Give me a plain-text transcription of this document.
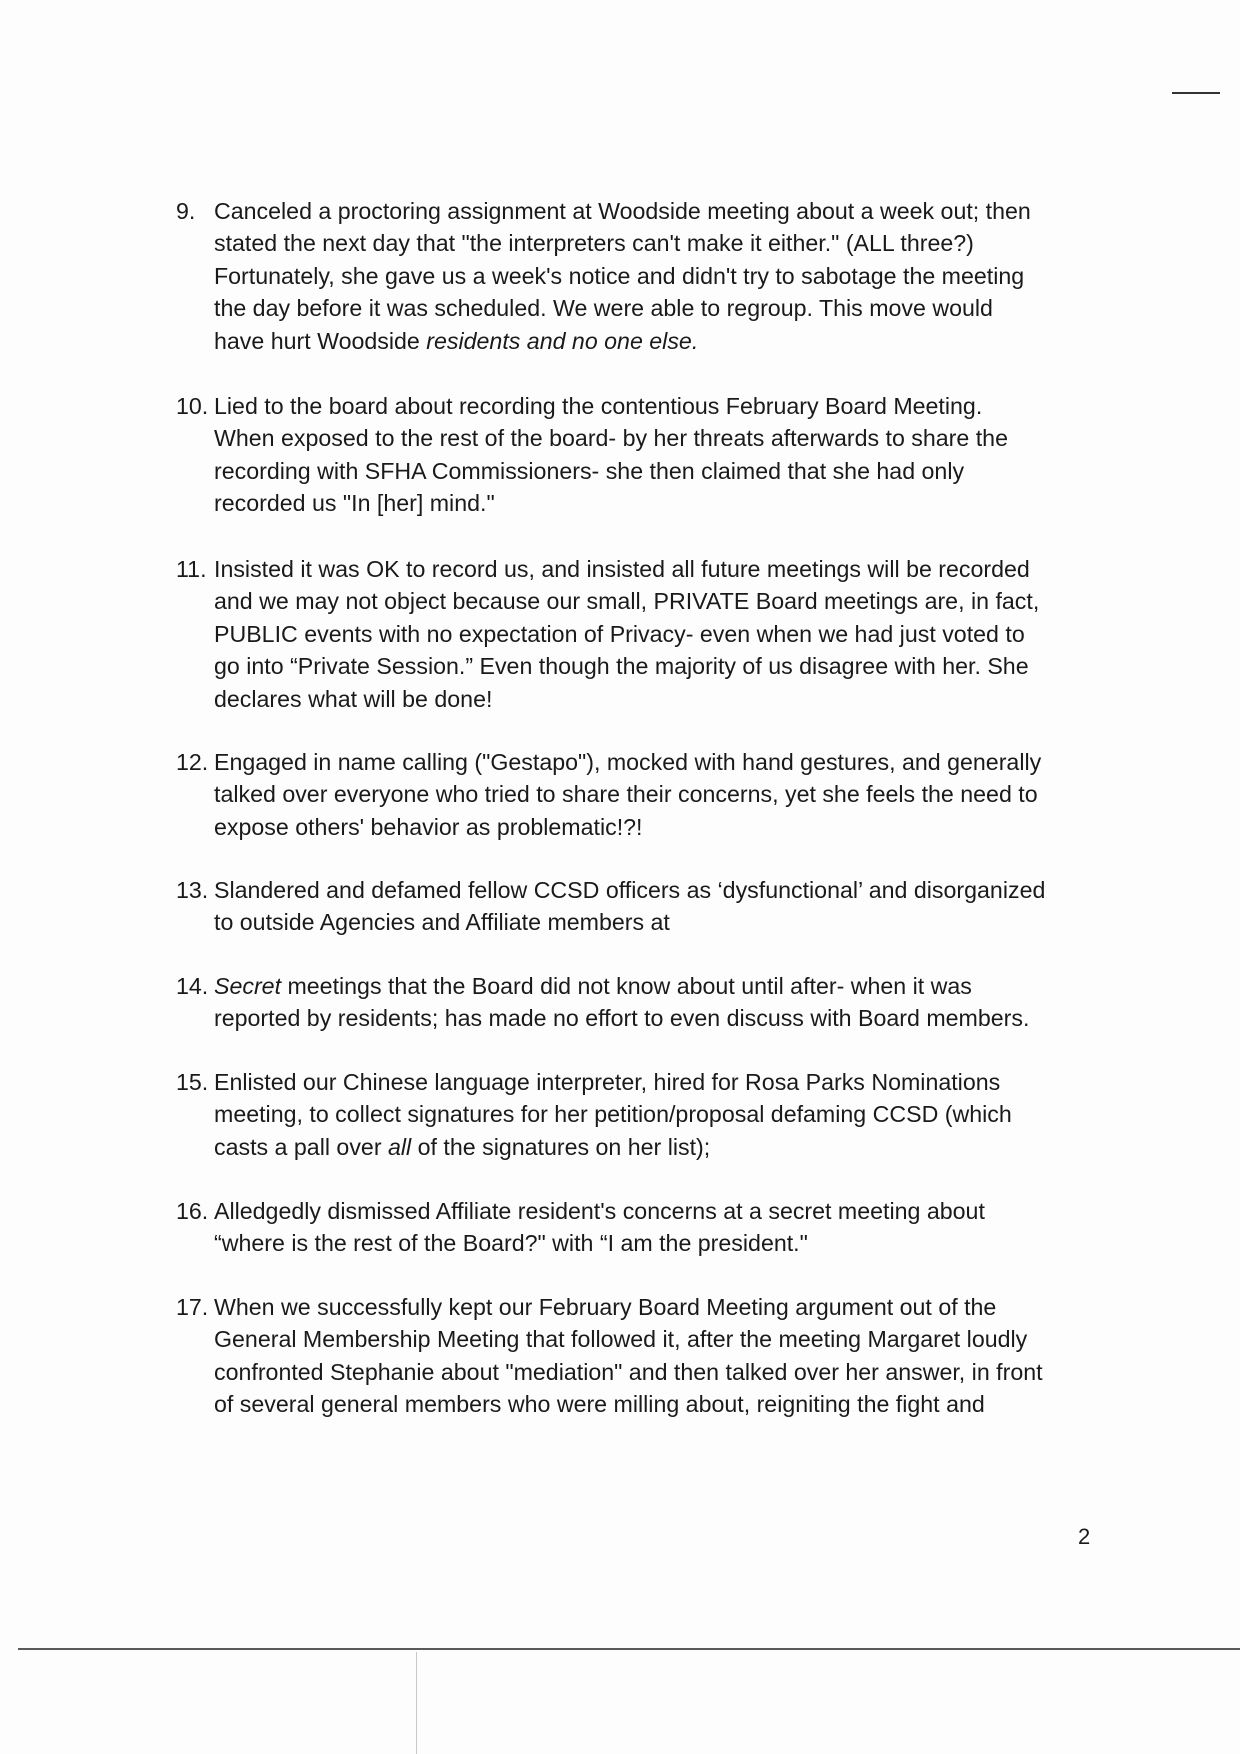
9. Canceled a proctoring assignment at Woodside meeting about a week out; then
stated the next day that "the interpreters can't make it either." (ALL three?)
Fortunately, she gave us a week's notice and didn't try to sabotage the meeting
the day before it was scheduled. We were able to regroup. This move would
have hurt Woodside residents and no one else.
10. Lied to the board about recording the contentious February Board Meeting.
When exposed to the rest of the board- by her threats afterwards to share the
recording with SFHA Commissioners- she then claimed that she had only
recorded us "In [her] mind."
11. Insisted it was OK to record us, and insisted all future meetings will be recorded
and we may not object because our small, PRIVATE Board meetings are, in fact,
PUBLIC events with no expectation of Privacy- even when we had just voted to
go into “Private Session.” Even though the majority of us disagree with her. She
declares what will be done!
12. Engaged in name calling ("Gestapo"), mocked with hand gestures, and generally
talked over everyone who tried to share their concerns, yet she feels the need to
expose others' behavior as problematic!?!
13. Slandered and defamed fellow CCSD officers as ‘dysfunctional’ and disorganized
to outside Agencies and Affiliate members at
14. Secret meetings that the Board did not know about until after- when it was
reported by residents; has made no effort to even discuss with Board members.
15. Enlisted our Chinese language interpreter, hired for Rosa Parks Nominations
meeting, to collect signatures for her petition/proposal defaming CCSD (which
casts a pall over all of the signatures on her list);
16. Alledgedly dismissed Affiliate resident's concerns at a secret meeting about
“where is the rest of the Board?" with “I am the president."
17. When we successfully kept our February Board Meeting argument out of the
General Membership Meeting that followed it, after the meeting Margaret loudly
confronted Stephanie about "mediation" and then talked over her answer, in front
of several general members who were milling about, reigniting the fight and
2
